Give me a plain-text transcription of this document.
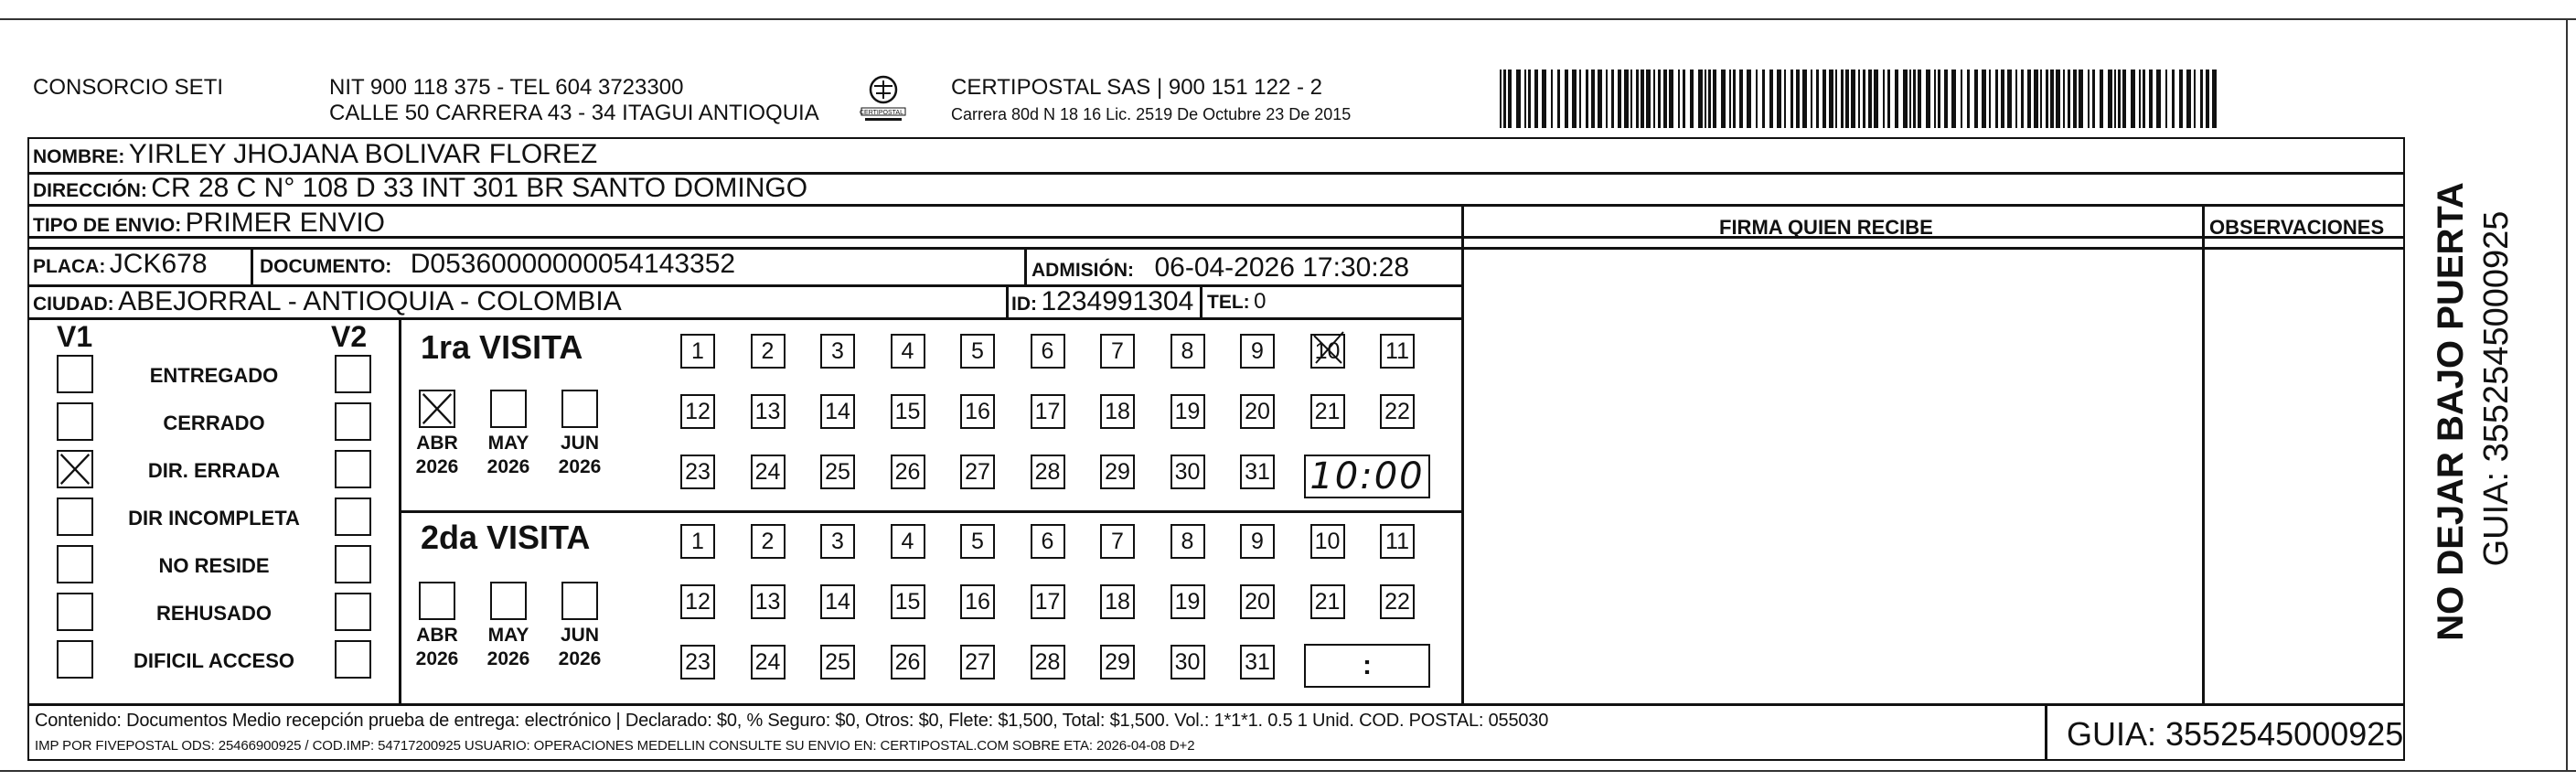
CONSORCIO SETI	NIT 900 118 375 - TEL 604 3723300
CALLE 50 CARRERA 43 - 34 ITAGUI ANTIOQUIA	CERTIPOSTAL
CERTIPOSTAL SAS | 900 151 122 - 2
Carrera 80d N 18 16 Lic. 2519 De Octubre 23 De 2015
NOMBRE: YIRLEY JHOJANA BOLIVAR FLOREZ
DIRECCIÓN: CR 28 C N° 108 D 33 INT 301 BR SANTO DOMINGO
TIPO DE ENVIO: PRIMER ENVIO	FIRMA QUIEN RECIBE	OBSERVACIONES
PLACA: JCK678	DOCUMENTO: D05360000000054143352	ADMISIÓN: 06-04-2026 17:30:28
CIUDAD: ABEJORRAL - ANTIOQUIA - COLOMBIA	ID: 1234991304 TEL: 0
V1	V2
ENTREGADO
CERRADO
DIR. ERRADA
DIR INCOMPLETA
NO RESIDE
REHUSADO
DIFICIL ACCESO
1ra VISITA
2da VISITA
ABR
2026
MAY
2026
JUN
2026
ABR
2026
MAY
2026
JUN
2026
1	2	3	4	5	6	7	8	9 10 11
12 13 14 15 16 17 18 19 20 21 22
23 24 25 26 27 28 29 30 31
1	2	3	4	5	6	7	8	9 10 11
12 13 14 15 16 17 18 19 20 21 22
23 24 25 26 27 28 29 30 31
10:00
:
Contenido: Documentos Medio recepción prueba de entrega: electrónico | Declarado: $0, % Seguro: $0, Otros: $0, Flete: $1,500, Total: $1,500. Vol.: 1*1*1. 0.5 1 Unid. COD. POSTAL: 055030
IMP POR FIVEPOSTAL ODS: 25466900925 / COD.IMP: 54717200925 USUARIO: OPERACIONES MEDELLIN CONSULTE SU ENVIO EN: CERTIPOSTAL.COM SOBRE ETA: 2026-04-08 D+2	GUIA: 3552545000925
NO DEJAR BAJO PUERTA GUIA: 3552545000925
